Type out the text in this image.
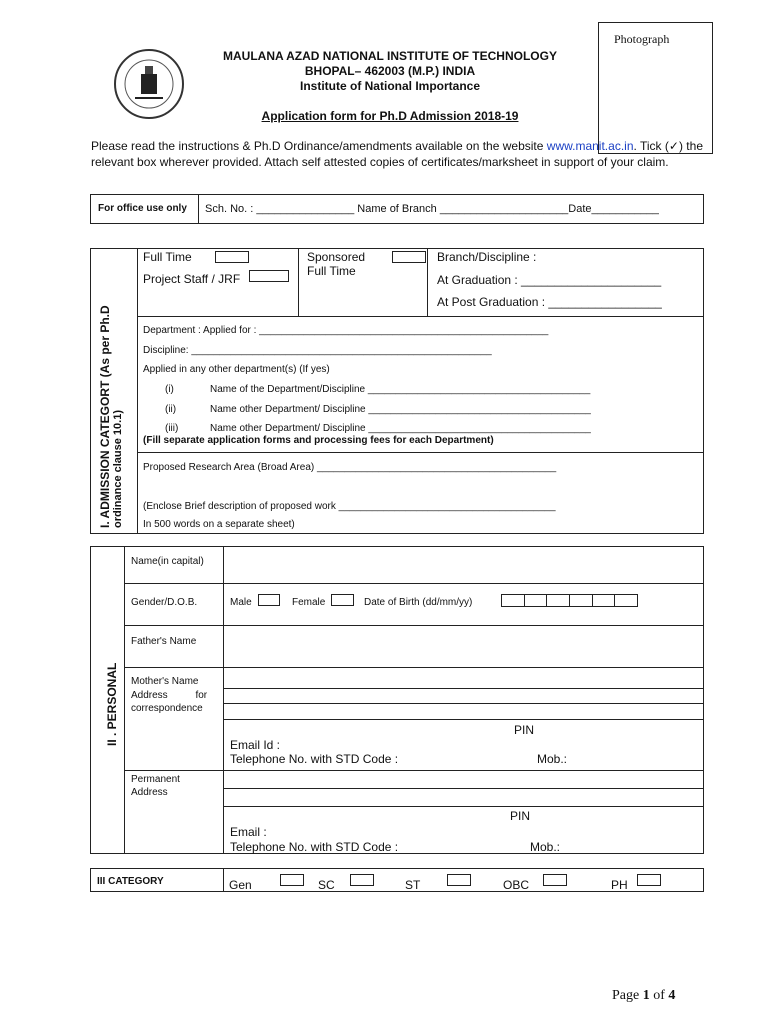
Photograph
MAULANA AZAD NATIONAL INSTITUTE OF TECHNOLOGY
BHOPAL– 462003 (M.P.) INDIA
Institute of National Importance
Application form for Ph.D Admission 2018-19
Please read the instructions & Ph.D Ordinance/amendments available on the website www.manit.ac.in. Tick (✓) the relevant box wherever provided. Attach self attested copies of certificates/marksheet in support of your claim.
For office use only Sch. No. : ________________ Name of Branch _____________________Date___________
I. ADMISSION CATEGORT (As per Ph.D ordinance clause 10.1)
Full Time
Project Staff / JRF
Sponsored
Full Time
Branch/Discipline :
At Graduation : _____________________
At Post Graduation : _________________
Department : Applied for : ____________________________________________________
Discipline: ______________________________________________________
Applied in any other department(s) (If yes)
(i)	Name of the Department/Discipline ________________________________________
(ii)	Name other Department/ Discipline ________________________________________
(iii)	Name other Department/ Discipline ________________________________________
(Fill separate application forms and processing fees for each Department)
Proposed Research Area (Broad Area) ___________________________________________
(Enclose Brief description of proposed work _______________________________________
In 500 words on a separate sheet)
II . PERSONAL
Name(in capital)
Gender/D.O.B.	Male	Female	Date of Birth (dd/mm/yy)
Father's Name
Mother's Name
Address          for
correspondence
PIN
Email Id :
Telephone No. with STD Code :	Mob.:
Permanent
Address
PIN
Email :
Telephone No. with STD Code :	Mob.:
III CATEGORY	Gen	SC	ST	OBC	PH
Page 1 of 4
